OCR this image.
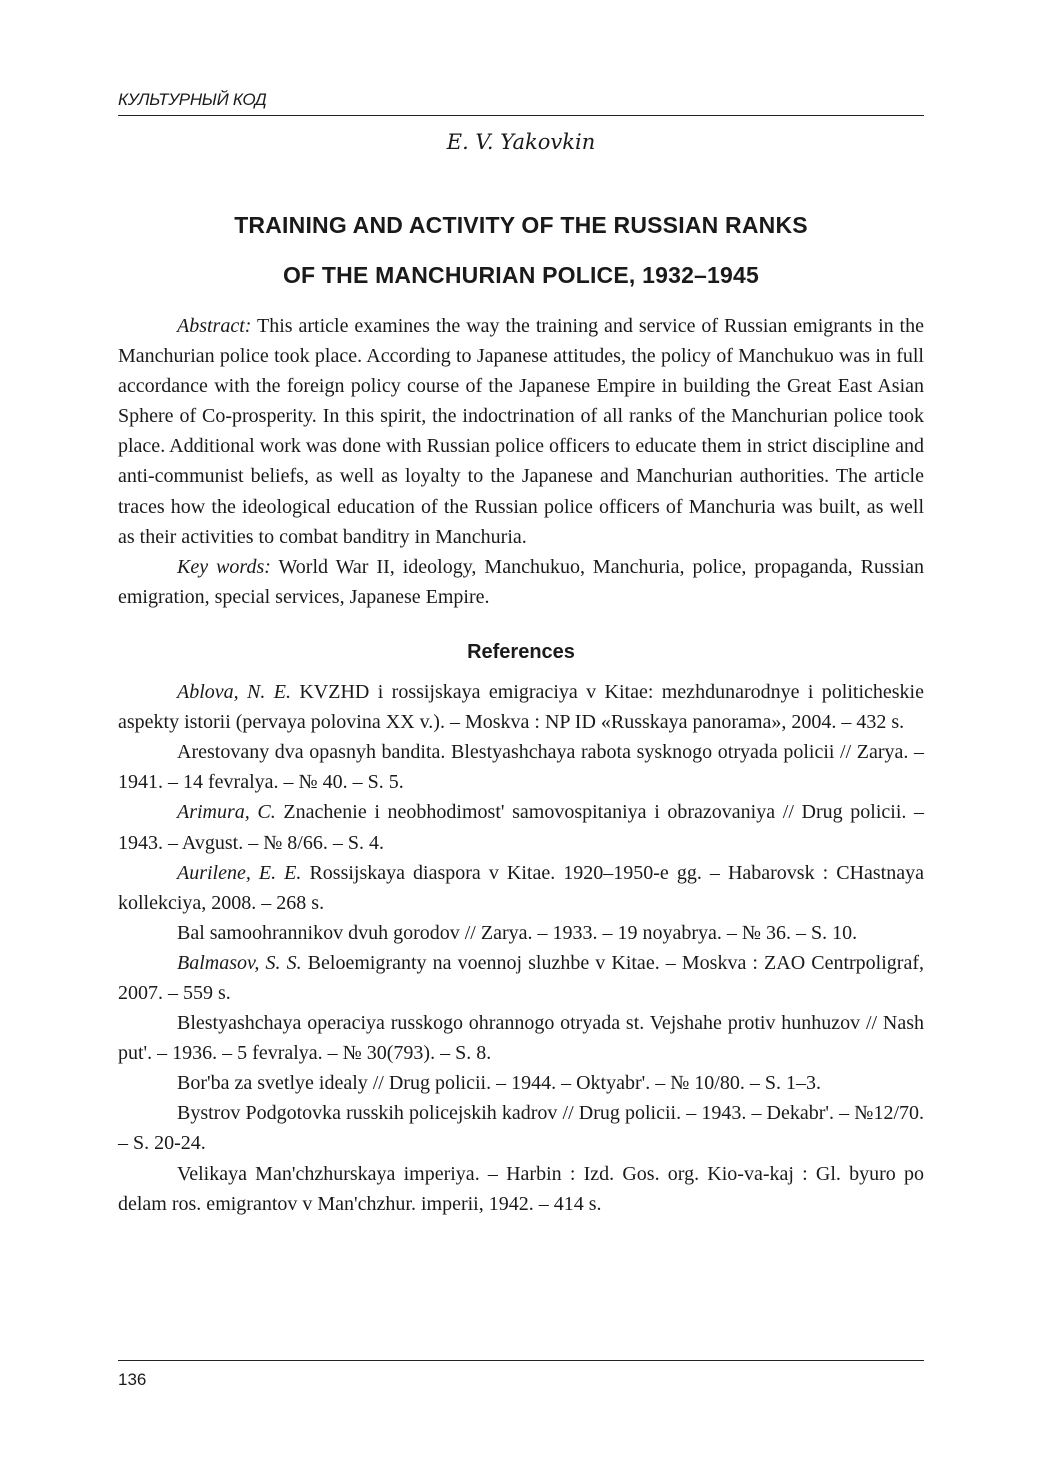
КУЛЬТУРНЫЙ КОД
E. V. Yakovkin
TRAINING AND ACTIVITY OF THE RUSSIAN RANKS
OF THE MANCHURIAN POLICE, 1932–1945

Abstract: This article examines the way the training and service of Russian emigrants in the Manchurian police took place. According to Japanese attitudes, the policy of Manchukuo was in full accordance with the foreign policy course of the Japanese Empire in building the Great East Asian Sphere of Co-prosperity. In this spirit, the indoctrination of all ranks of the Manchurian police took place. Additional work was done with Russian police officers to educate them in strict discipline and anti-communist beliefs, as well as loyalty to the Japanese and Manchurian authorities. The article traces how the ideological education of the Russian police officers of Manchuria was built, as well as their activities to combat banditry in Manchuria.

Key words: World War II, ideology, Manchukuo, Manchuria, police, propaganda, Russian emigration, special services, Japanese Empire.

References

Ablova, N. E. KVZHD i rossijskaya emigraciya v Kitae: mezhdunarodnye i politicheskie aspekty istorii (pervaya polovina XX v.). – Moskva : NP ID «Russkaya panorama», 2004. – 432 s.

Arestovany dva opasnyh bandita. Blestyashchaya rabota sysknogo otryada policii // Zarya. – 1941. – 14 fevralya. – № 40. – S. 5.

Arimura, C. Znachenie i neobhodimost' samovospitaniya i obrazovaniya // Drug policii. – 1943. – Avgust. – № 8/66. – S. 4.

Aurilene, E. E. Rossijskaya diaspora v Kitae. 1920–1950-e gg. – Habarovsk : CHastnaya kollekciya, 2008. – 268 s.

Bal samoohrannikov dvuh gorodov // Zarya. – 1933. – 19 noyabrya. – № 36. – S. 10.

Balmasov, S. S. Beloemigranty na voennoj sluzhbe v Kitae. – Moskva : ZAO Centrpoligraf, 2007. – 559 s.

Blestyashchaya operaciya russkogo ohrannogo otryada st. Vejshahe protiv hunhuzov // Nash put'. – 1936. – 5 fevralya. – № 30(793). – S. 8.

Bor'ba za svetlye idealy // Drug policii. – 1944. – Oktyabr'. – № 10/80. – S. 1–3.

Bystrov Podgotovka russkih policejskih kadrov // Drug policii. – 1943. – Dekabr'. – №12/70. – S. 20-24.

Velikaya Man'chzhurskaya imperiya. – Harbin : Izd. Gos. org. Kio-va-kaj : Gl. byuro po delam ros. emigrantov v Man'chzhur. imperii, 1942. – 414 s.

136
